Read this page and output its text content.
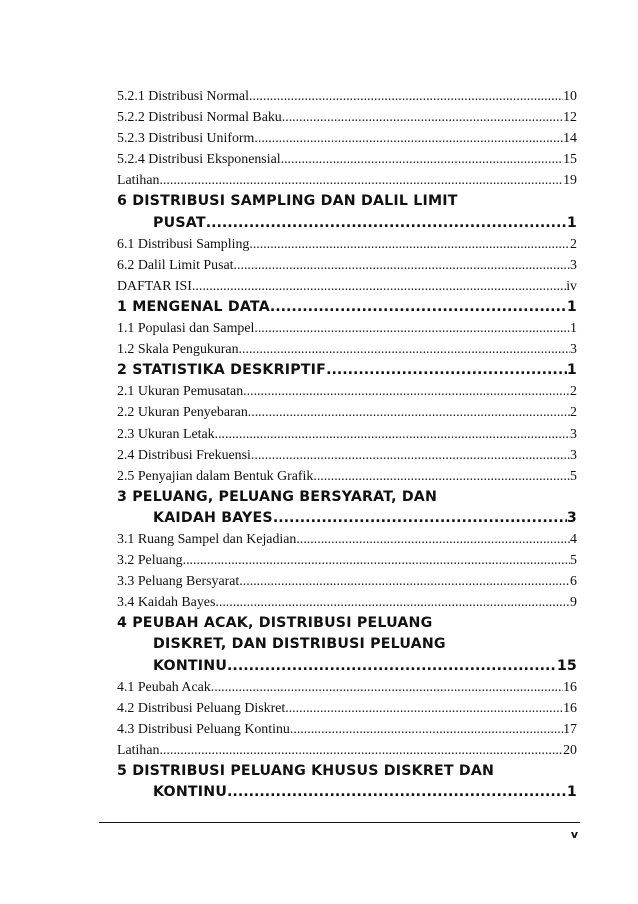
5.2.1 Distribusi Normal .....	10
5.2.2 Distribusi Normal Baku .....	12
5.2.3 Distribusi Uniform .....	14
5.2.4 Distribusi Eksponensial .....	15
Latihan .....	19
6 DISTRIBUSI SAMPLING DAN DALIL LIMIT
PUSAT .....	1
6.1 Distribusi Sampling .....	2
6.2 Dalil Limit Pusat .....	3
DAFTAR ISI .....	iv
1 MENGENAL DATA .....	1
1.1 Populasi dan Sampel .....	1
1.2 Skala Pengukuran .....	3
2 STATISTIKA DESKRIPTIF .....	1
2.1 Ukuran Pemusatan .....	2
2.2 Ukuran Penyebaran .....	2
2.3 Ukuran Letak .....	3
2.4 Distribusi Frekuensi .....	3
2.5 Penyajian dalam Bentuk Grafik .....	5
3 PELUANG, PELUANG BERSYARAT, DAN
KAIDAH BAYES .....	3
3.1 Ruang Sampel dan Kejadian .....	4
3.2 Peluang .....	5
3.3 Peluang Bersyarat .....	6
3.4 Kaidah Bayes .....	9
4 PEUBAH ACAK, DISTRIBUSI PELUANG
DISKRET, DAN DISTRIBUSI PELUANG
KONTINU .....	15
4.1 Peubah Acak .....	16
4.2 Distribusi Peluang Diskret .....	16
4.3 Distribusi Peluang Kontinu .....	17
Latihan .....	20
5 DISTRIBUSI PELUANG KHUSUS DISKRET DAN
KONTINU .....	1
v
